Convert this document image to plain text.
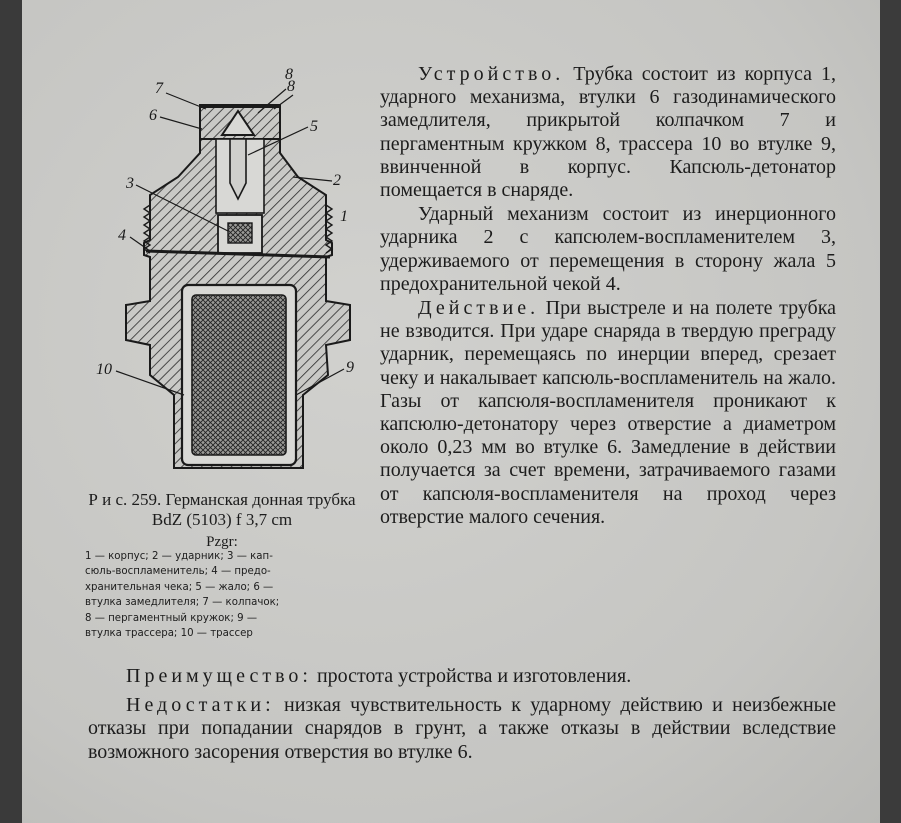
8
8
7
6
5
3	2
1
4
9
10
Р и с. 259. Германская донная трубка BdZ (5103) f 3,7 cm
Pzgr:
1 — корпус; 2 — ударник; 3 — кап-
сюль-воспламенитель; 4 — предо-
хранительная чека; 5 — жало; 6 —
втулка замедлителя; 7 — колпачок;
8 — пергаментный кружок; 9 —
втулка трассера; 10 — трассер

Устройство. Трубка состоит из корпуса 1, ударного механизма, втулки 6 газодинамического замедлителя, прикрытой колпачком 7 и пергаментным кружком 8, трассера 10 во втулке 9, ввинченной в корпус. Капсюль-детонатор помещается в снаряде.

Ударный механизм состоит из инерционного ударника 2 с капсюлем-воспламенителем 3, удерживаемого от перемещения в сторону жала 5 предохранительной чекой 4.

Действие. При выстреле и на полете трубка не взводится. При ударе снаряда в твердую преграду ударник, перемещаясь по инерции вперед, срезает чеку и накалывает капсюль-воспламенитель на жало. Газы от капсюля-воспламенителя проникают к капсюлю-детонатору через отверстие a диаметром около 0,23 мм во втулке 6. Замедление в действии получается за счет времени, затрачиваемого газами от капсюля-воспламенителя на проход через отверстие малого сечения.

Преимущество: простота устройства и изготовления.

Недостатки: низкая чувствительность к ударному действию и неизбежные отказы при попадании снарядов в грунт, а также отказы в действии вследствие возможного засорения отверстия во втулке 6.
